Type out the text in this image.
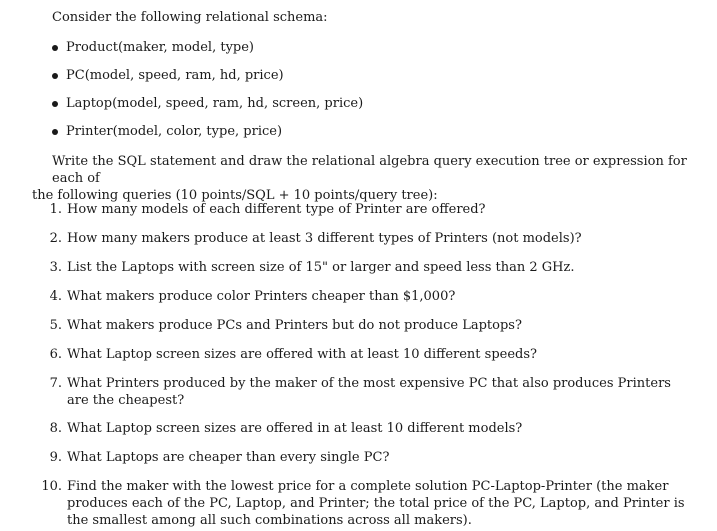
Consider the following relational schema:

Product(maker, model, type)
PC(model, speed, ram, hd, price)
Laptop(model, speed, ram, hd, screen, price)
Printer(model, color, type, price)

Write the SQL statement and draw the relational algebra query execution tree or expression for each of
the following queries (10 points/SQL + 10 points/query tree):

1. How many models of each different type of Printer are offered?
2. How many makers produce at least 3 different types of Printers (not models)?
3. List the Laptops with screen size of 15" or larger and speed less than 2 GHz.
4. What makers produce color Printers cheaper than $1,000?
5. What makers produce PCs and Printers but do not produce Laptops?
6. What Laptop screen sizes are offered with at least 10 different speeds?
7. What Printers produced by the maker of the most expensive PC that also produces Printers are the cheapest?
8. What Laptop screen sizes are offered in at least 10 different models?
9. What Laptops are cheaper than every single PC?
10. Find the maker with the lowest price for a complete solution PC-Laptop-Printer (the maker produces each of the PC, Laptop, and Printer; the total price of the PC, Laptop, and Printer is the smallest among all such combinations across all makers).
